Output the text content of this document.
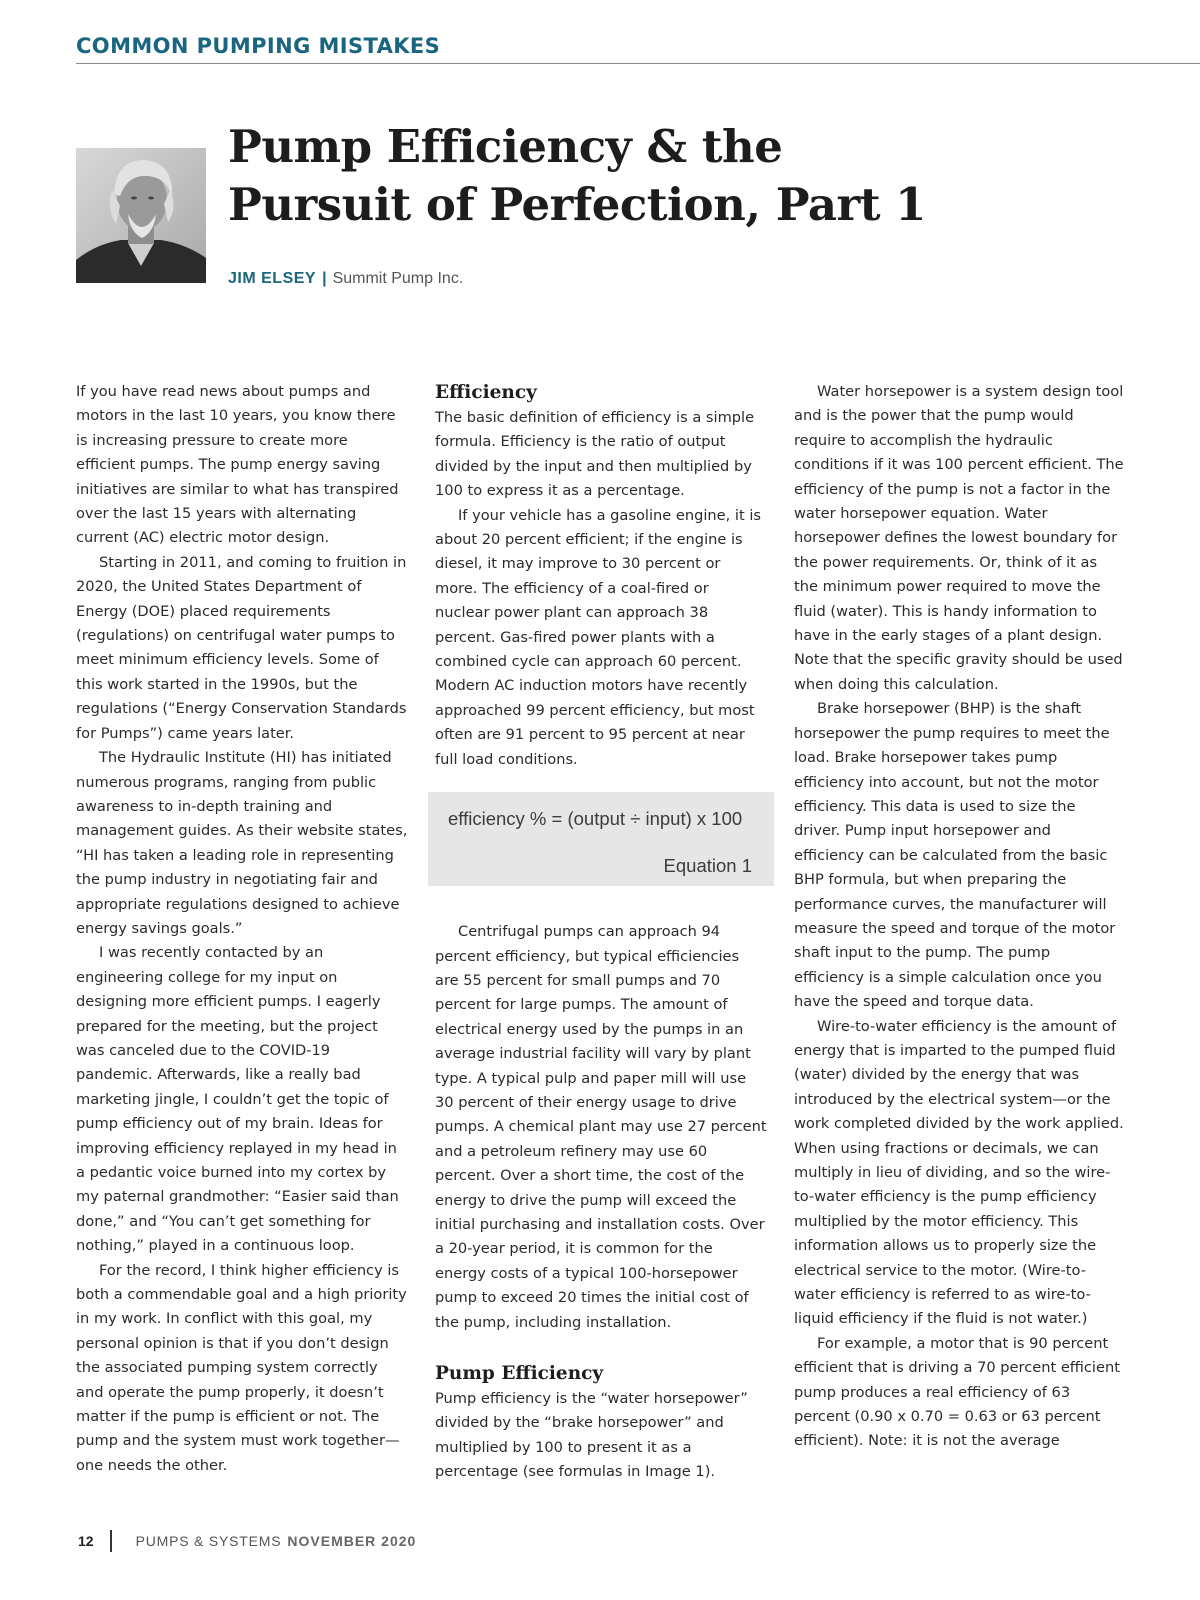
COMMON PUMPING MISTAKES
Pump Efficiency & the Pursuit of Perfection, Part 1
JIM ELSEY | Summit Pump Inc.

If you have read news about pumps and motors in the last 10 years, you know there is increasing pressure to create more efficient pumps. The pump energy saving initiatives are similar to what has transpired over the last 15 years with alternating current (AC) electric motor design.

Starting in 2011, and coming to fruition in 2020, the United States Department of Energy (DOE) placed requirements (regulations) on centrifugal water pumps to meet minimum efficiency levels. Some of this work started in the 1990s, but the regulations (“Energy Conservation Standards for Pumps”) came years later.

The Hydraulic Institute (HI) has initiated numerous programs, ranging from public awareness to in-depth training and management guides. As their website states, “HI has taken a leading role in representing the pump industry in negotiating fair and appropriate regulations designed to achieve energy savings goals.”

I was recently contacted by an engineering college for my input on designing more efficient pumps. I eagerly prepared for the meeting, but the project was canceled due to the COVID-19 pandemic. Afterwards, like a really bad marketing jingle, I couldn’t get the topic of pump efficiency out of my brain. Ideas for improving efficiency replayed in my head in a pedantic voice burned into my cortex by my paternal grandmother: “Easier said than done,” and “You can’t get something for nothing,” played in a continuous loop.

For the record, I think higher efficiency is both a commendable goal and a high priority in my work. In conflict with this goal, my personal opinion is that if you don’t design the associated pumping system correctly and operate the pump properly, it doesn’t matter if the pump is efficient or not. The pump and the system must work together—one needs the other.

Efficiency

The basic definition of efficiency is a simple formula. Efficiency is the ratio of output divided by the input and then multiplied by 100 to express it as a percentage.

If your vehicle has a gasoline engine, it is about 20 percent efficient; if the engine is diesel, it may improve to 30 percent or more. The efficiency of a coal-fired or nuclear power plant can approach 38 percent. Gas-fired power plants with a combined cycle can approach 60 percent. Modern AC induction motors have recently approached 99 percent efficiency, but most often are 91 percent to 95 percent at near full load conditions.

efficiency % = (output ÷ input) x 100
Equation 1

Centrifugal pumps can approach 94 percent efficiency, but typical efficiencies are 55 percent for small pumps and 70 percent for large pumps. The amount of electrical energy used by the pumps in an average industrial facility will vary by plant type. A typical pulp and paper mill will use 30 percent of their energy usage to drive pumps. A chemical plant may use 27 percent and a petroleum refinery may use 60 percent. Over a short time, the cost of the energy to drive the pump will exceed the initial purchasing and installation costs. Over a 20-year period, it is common for the energy costs of a typical 100-horsepower pump to exceed 20 times the initial cost of the pump, including installation.

Pump Efficiency

Pump efficiency is the “water horsepower” divided by the “brake horsepower” and multiplied by 100 to present it as a percentage (see formulas in Image 1).

Water horsepower is a system design tool and is the power that the pump would require to accomplish the hydraulic conditions if it was 100 percent efficient. The efficiency of the pump is not a factor in the water horsepower equation. Water horsepower defines the lowest boundary for the power requirements. Or, think of it as the minimum power required to move the fluid (water). This is handy information to have in the early stages of a plant design. Note that the specific gravity should be used when doing this calculation.

Brake horsepower (BHP) is the shaft horsepower the pump requires to meet the load. Brake horsepower takes pump efficiency into account, but not the motor efficiency. This data is used to size the driver. Pump input horsepower and efficiency can be calculated from the basic BHP formula, but when preparing the performance curves, the manufacturer will measure the speed and torque of the motor shaft input to the pump. The pump efficiency is a simple calculation once you have the speed and torque data.

Wire-to-water efficiency is the amount of energy that is imparted to the pumped fluid (water) divided by the energy that was introduced by the electrical system—or the work completed divided by the work applied. When using fractions or decimals, we can multiply in lieu of dividing, and so the wire-to-water efficiency is the pump efficiency multiplied by the motor efficiency. This information allows us to properly size the electrical service to the motor. (Wire-to-water efficiency is referred to as wire-to-liquid efficiency if the fluid is not water.)

For example, a motor that is 90 percent efficient that is driving a 70 percent efficient pump produces a real efficiency of 63 percent (0.90 x 0.70 = 0.63 or 63 percent efficient). Note: it is not the average

12	PUMPS & SYSTEMS NOVEMBER 2020
